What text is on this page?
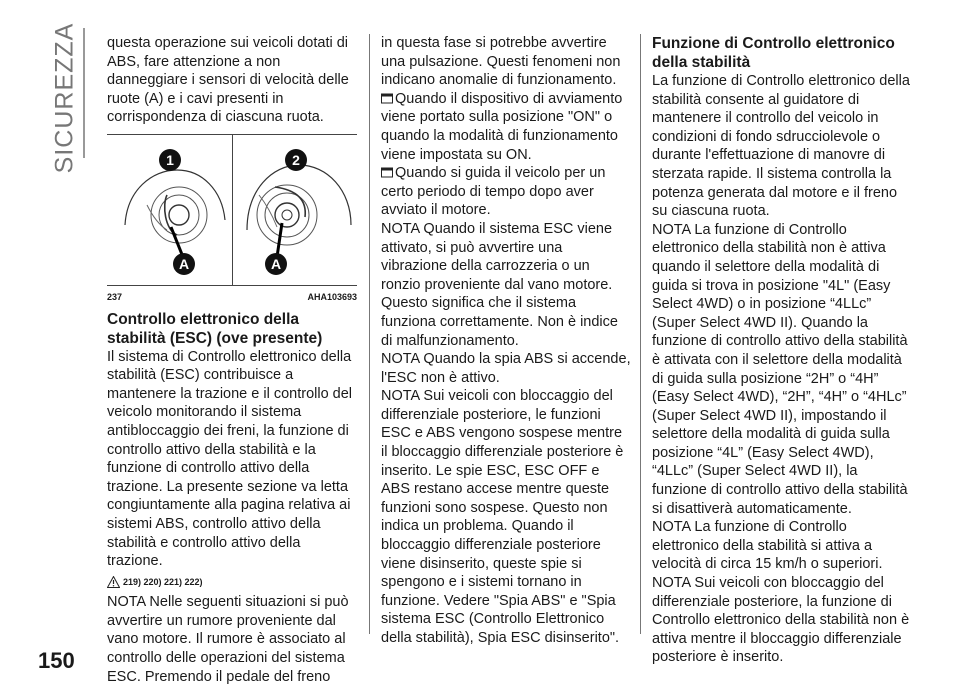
SICUREZZA questa operazione sui veicoli dotati di ABS, fare attenzione a non danneggiare i sensori di velocità delle ruote (A) e i cavi presenti in corrispondenza di ciascuna ruota.

1	2
A	A
237	AHA103693
Controllo elettronico della stabilità (ESC) (ove presente)

Il sistema di Controllo elettronico della stabilità (ESC) contribuisce a mantenere la trazione e il controllo del veicolo monitorando il sistema antibloccaggio dei freni, la funzione di controllo attivo della stabilità e la funzione di controllo attivo della trazione. La presente sezione va letta congiuntamente alla pagina relativa ai sistemi ABS, controllo attivo della stabilità e controllo attivo della trazione.

219) 220) 221) 222)

NOTA Nelle seguenti situazioni si può avvertire un rumore proveniente dal vano motore. Il rumore è associato al controllo delle operazioni del sistema ESC. Premendo il pedale del freno

in questa fase si potrebbe avvertire una pulsazione. Questi fenomeni non indicano anomalie di funzionamento.

Quando il dispositivo di avviamento viene portato sulla posizione "ON" o quando la modalità di funzionamento viene impostata su ON.

Quando si guida il veicolo per un certo periodo di tempo dopo aver avviato il motore.

NOTA Quando il sistema ESC viene attivato, si può avvertire una vibrazione della carrozzeria o un ronzio proveniente dal vano motore. Questo significa che il sistema funziona correttamente. Non è indice di malfunzionamento.

NOTA Quando la spia ABS si accende, l'ESC non è attivo.

NOTA Sui veicoli con bloccaggio del differenziale posteriore, le funzioni ESC e ABS vengono sospese mentre il bloccaggio differenziale posteriore è inserito. Le spie ESC, ESC OFF e ABS restano accese mentre queste funzioni sono sospese. Questo non indica un problema. Quando il bloccaggio differenziale posteriore viene disinserito, queste spie si spengono e i sistemi tornano in funzione. Vedere "Spia ABS" e "Spia sistema ESC (Controllo Elettronico della stabilità), Spia ESC disinserito".

Funzione di Controllo elettronico della stabilità

La funzione di Controllo elettronico della stabilità consente al guidatore di mantenere il controllo del veicolo in condizioni di fondo sdrucciolevole o durante l'effettuazione di manovre di sterzata rapide. Il sistema controlla la potenza generata dal motore e il freno su ciascuna ruota.

NOTA La funzione di Controllo elettronico della stabilità non è attiva quando il selettore della modalità di guida si trova in posizione "4L" (Easy Select 4WD) o in posizione “4LLc” (Super Select 4WD II). Quando la funzione di controllo attivo della stabilità è attivata con il selettore della modalità di guida sulla posizione “2H” o “4H” (Easy Select 4WD), “2H”, “4H” o “4HLc” (Super Select 4WD II), impostando il selettore della modalità di guida sulla posizione “4L” (Easy Select 4WD), “4LLc” (Super Select 4WD II), la funzione di controllo attivo della stabilità si disattiverà automaticamente.

NOTA La funzione di Controllo elettronico della stabilità si attiva a velocità di circa 15 km/h o superiori.

NOTA Sui veicoli con bloccaggio del differenziale posteriore, la funzione di Controllo elettronico della stabilità non è attiva mentre il bloccaggio differenziale posteriore è inserito.

150
